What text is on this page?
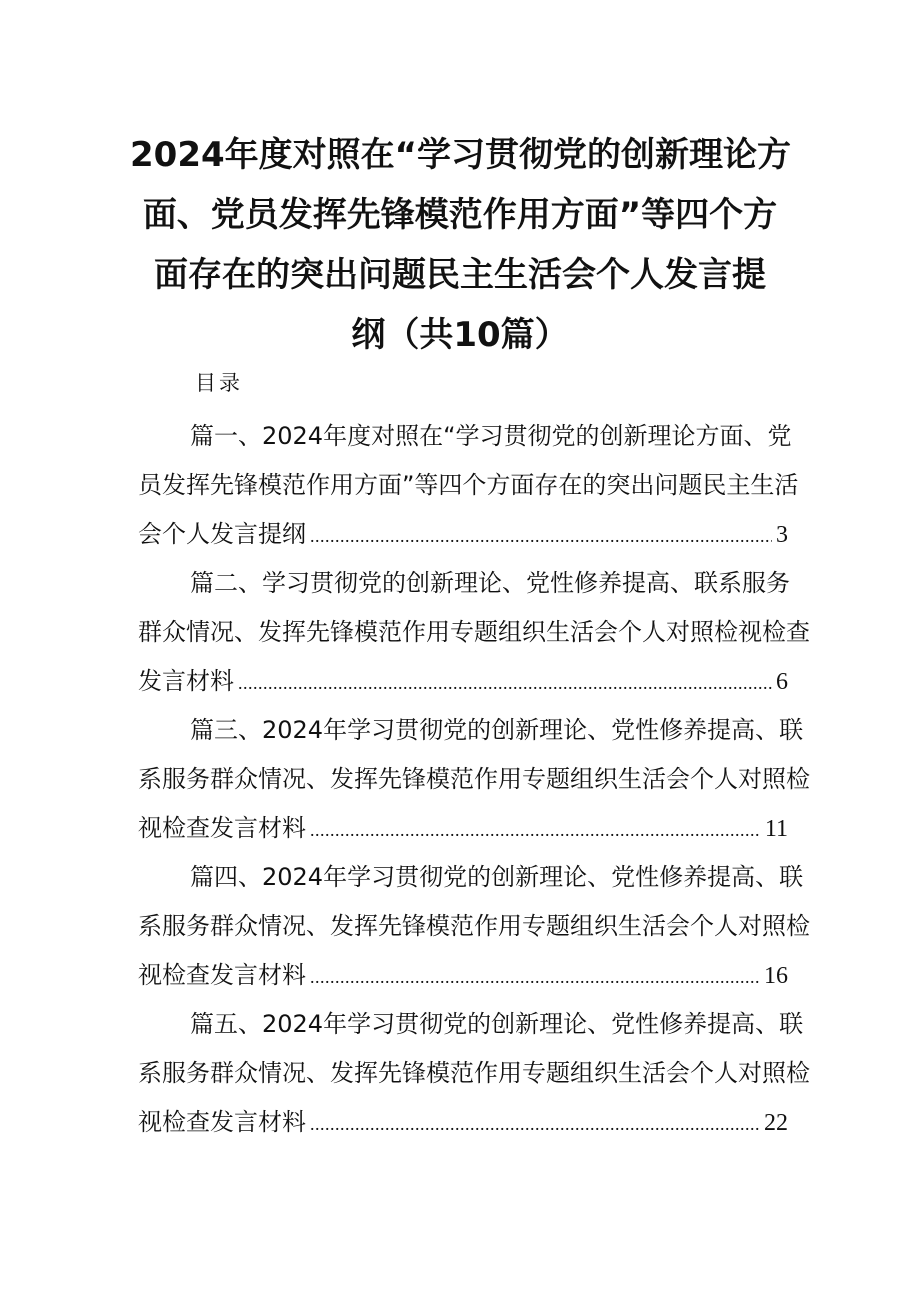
2024年度对照在“学习贯彻党的创新理论方
面、党员发挥先锋模范作用方面”等四个方
面存在的突出问题民主生活会个人发言提
纲（共10篇）
目录
篇一、2024年度对照在“学习贯彻党的创新理论方面、党
员发挥先锋模范作用方面”等四个方面存在的突出问题民主生活
会个人发言提纲 .....	3
篇二、学习贯彻党的创新理论、党性修养提高、联系服务
群众情况、发挥先锋模范作用专题组织生活会个人对照检视检查
发言材料 .....	6
篇三、2024年学习贯彻党的创新理论、党性修养提高、联
系服务群众情况、发挥先锋模范作用专题组织生活会个人对照检
视检查发言材料 .....	11
篇四、2024年学习贯彻党的创新理论、党性修养提高、联
系服务群众情况、发挥先锋模范作用专题组织生活会个人对照检
视检查发言材料 .....	16
篇五、2024年学习贯彻党的创新理论、党性修养提高、联
系服务群众情况、发挥先锋模范作用专题组织生活会个人对照检
视检查发言材料 .....	22
